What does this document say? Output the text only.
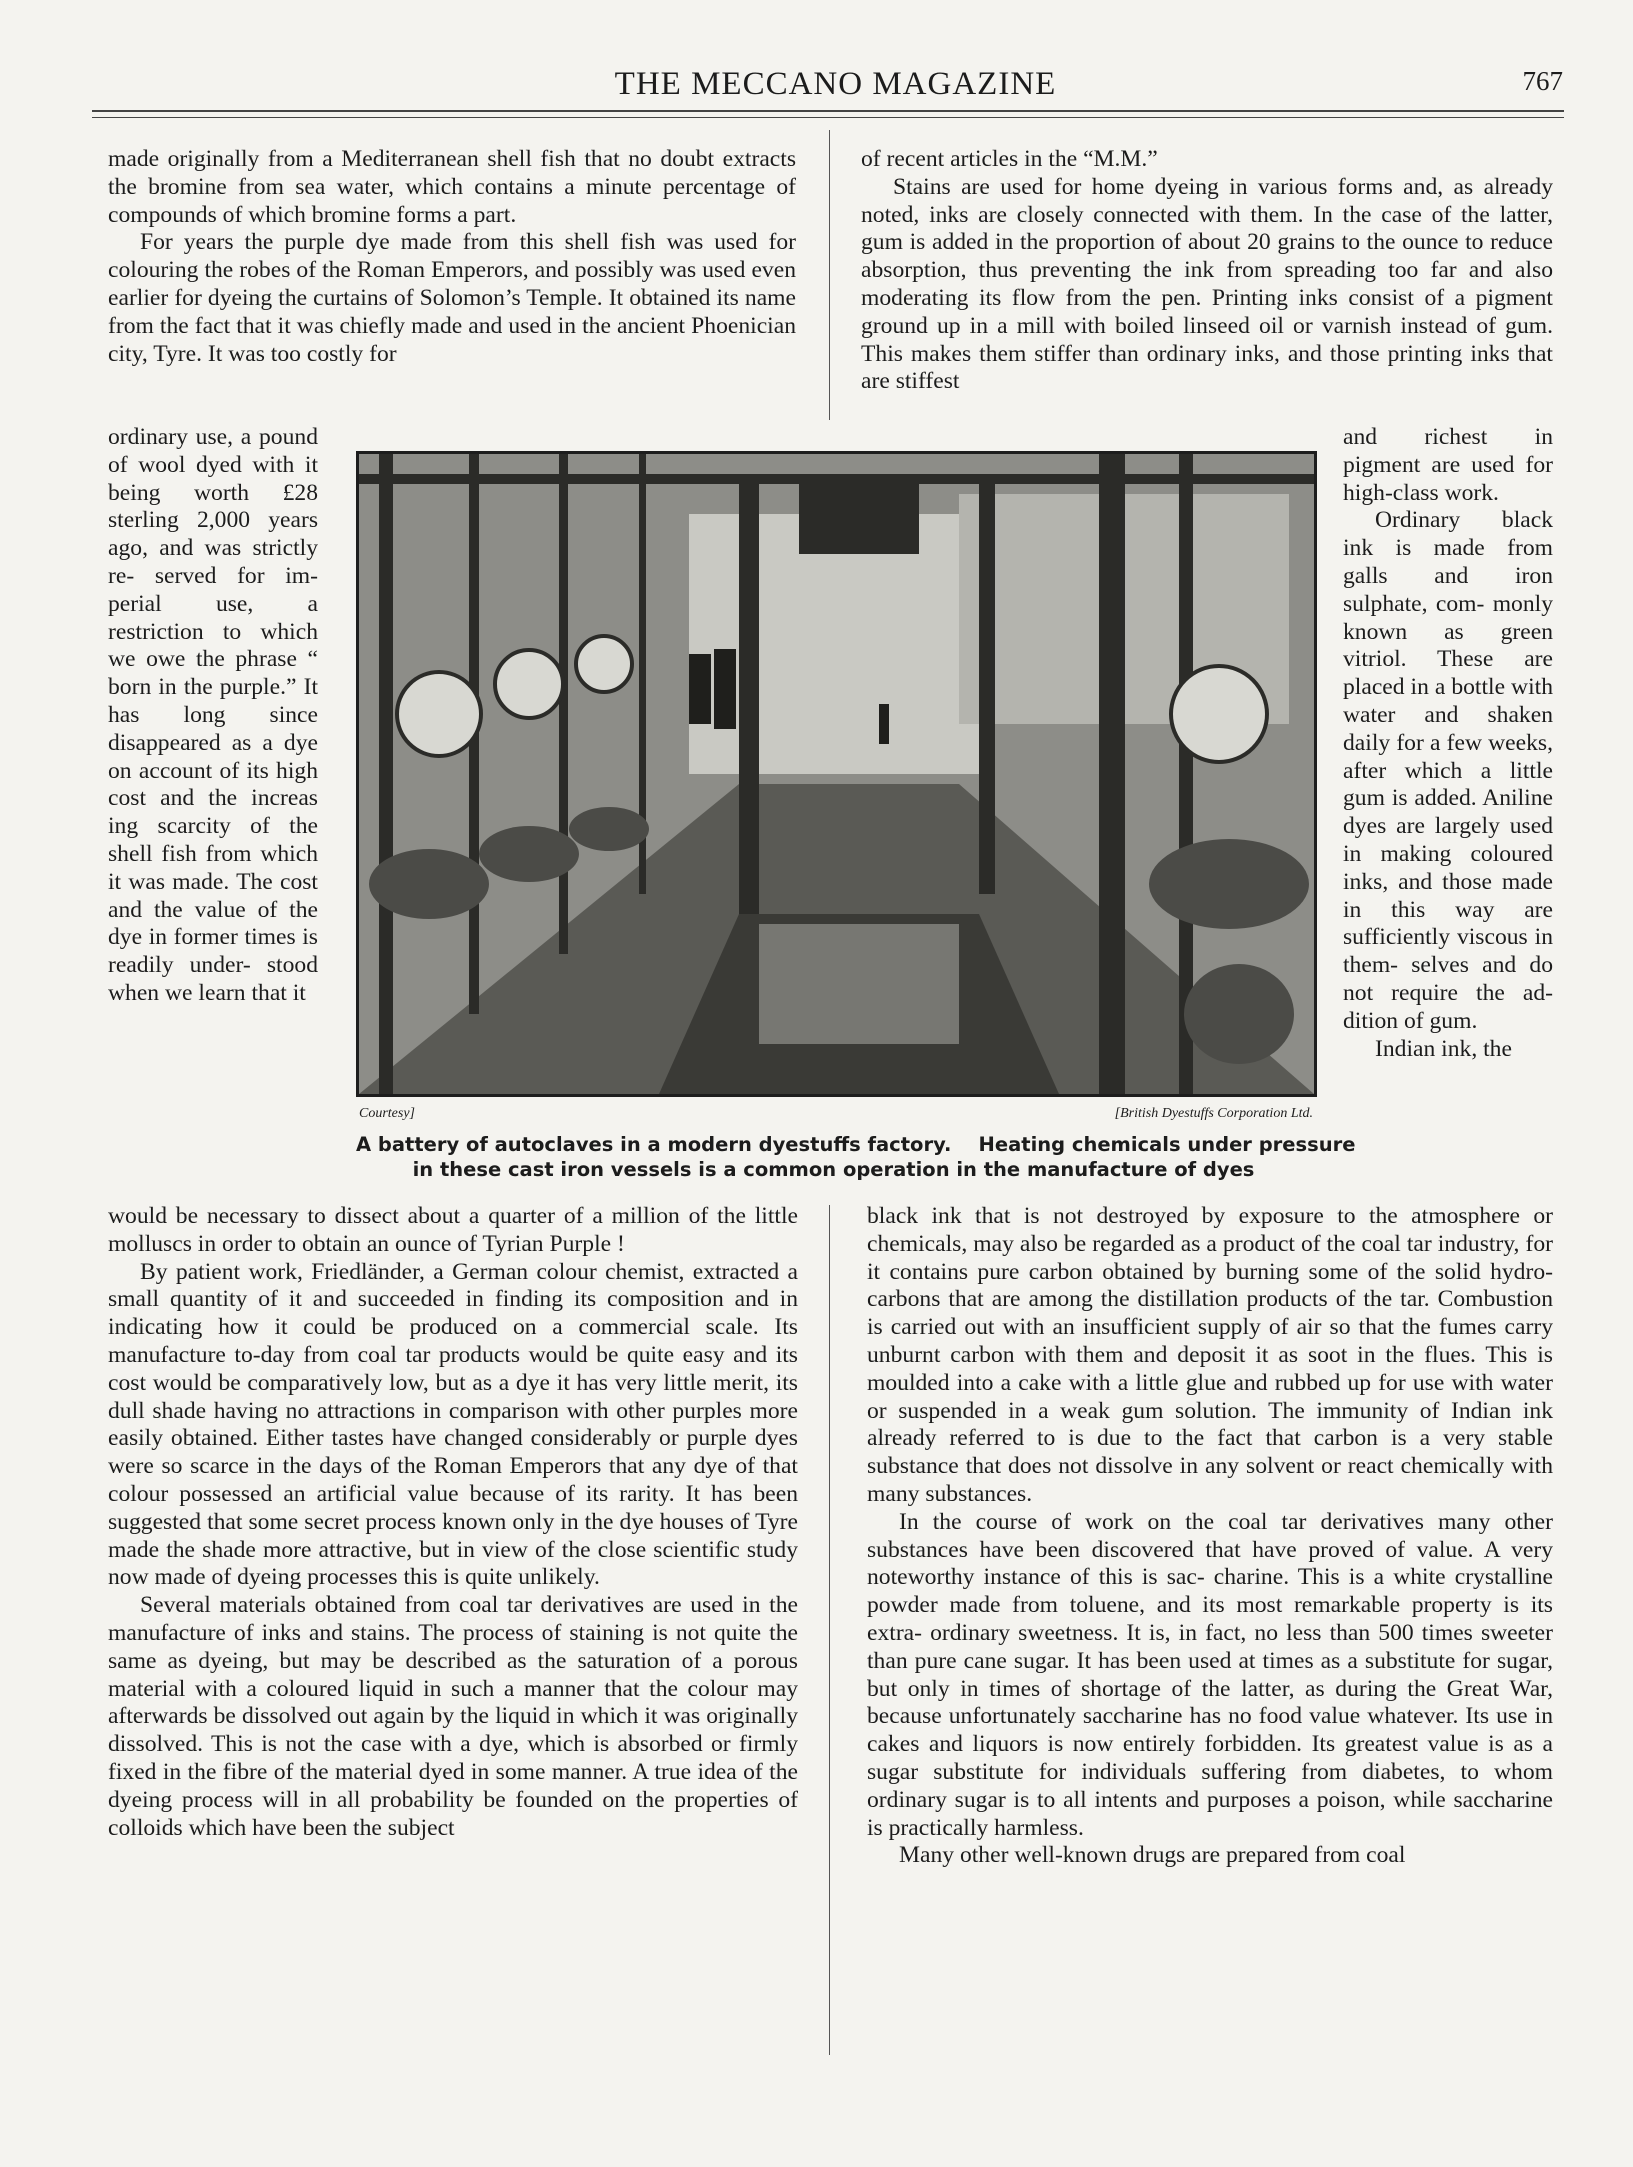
THE MECCANO MAGAZINE	767

made originally from a Mediterranean shell fish that no doubt extracts the bromine from sea water, which contains a minute percentage of compounds of which bromine forms a part.

For years the purple dye made from this shell fish was used for colouring the robes of the Roman Emperors, and possibly was used even earlier for dyeing the curtains of Solomon’s Temple. It obtained its name from the fact that it was chiefly made and used in the ancient Phoenician city, Tyre. It was too costly for

ordinary use, a pound of wool dyed with it being worth £28 sterling 2,000 years ago, and was strictly re- served for im- perial use, a restriction to which we owe the phrase “ born in the purple.” It has long since disappeared as a dye on account of its high cost and the increas ing scarcity of the shell fish from which it was made. The cost and the value of the dye in former times is readily under- stood when we learn that it

would be necessary to dissect about a quarter of a million of the little molluscs in order to obtain an ounce of Tyrian Purple !

By patient work, Friedländer, a German colour chemist, extracted a small quantity of it and succeeded in finding its composition and in indicating how it could be produced on a commercial scale. Its manufacture to-day from coal tar products would be quite easy and its cost would be comparatively low, but as a dye it has very little merit, its dull shade having no attractions in comparison with other purples more easily obtained. Either tastes have changed considerably or purple dyes were so scarce in the days of the Roman Emperors that any dye of that colour possessed an artificial value because of its rarity. It has been suggested that some secret process known only in the dye houses of Tyre made the shade more attractive, but in view of the close scientific study now made of dyeing processes this is quite unlikely.

Several materials obtained from coal tar derivatives are used in the manufacture of inks and stains. The process of staining is not quite the same as dyeing, but may be described as the saturation of a porous material with a coloured liquid in such a manner that the colour may afterwards be dissolved out again by the liquid in which it was originally dissolved. This is not the case with a dye, which is absorbed or firmly fixed in the fibre of the material dyed in some manner. A true idea of the dyeing process will in all probability be founded on the properties of colloids which have been the subject

of recent articles in the “M.M.”

Stains are used for home dyeing in various forms and, as already noted, inks are closely connected with them. In the case of the latter, gum is added in the proportion of about 20 grains to the ounce to reduce absorption, thus preventing the ink from spreading too far and also moderating its flow from the pen. Printing inks consist of a pigment ground up in a mill with boiled linseed oil or varnish instead of gum. This makes them stiffer than ordinary inks, and those printing inks that are stiffest

and richest in pigment are used for high-class work.

Ordinary black ink is made from galls and iron sulphate, com- monly known as green vitriol. These are placed in a bottle with water and shaken daily for a few weeks, after which a little gum is added. Aniline dyes are largely used in making coloured inks, and those made in this way are sufficiently viscous in them- selves and do not require the ad- dition of gum.

Indian ink, the

black ink that is not destroyed by exposure to the atmosphere or chemicals, may also be regarded as a product of the coal tar industry, for it contains pure carbon obtained by burning some of the solid hydro- carbons that are among the distillation products of the tar. Combustion is carried out with an insufficient supply of air so that the fumes carry unburnt carbon with them and deposit it as soot in the flues. This is moulded into a cake with a little glue and rubbed up for use with water or suspended in a weak gum solution. The immunity of Indian ink already referred to is due to the fact that carbon is a very stable substance that does not dissolve in any solvent or react chemically with many substances.

In the course of work on the coal tar derivatives many other substances have been discovered that have proved of value. A very noteworthy instance of this is sac- charine. This is a white crystalline powder made from toluene, and its most remarkable property is its extra- ordinary sweetness. It is, in fact, no less than 500 times sweeter than pure cane sugar. It has been used at times as a substitute for sugar, but only in times of shortage of the latter, as during the Great War, because unfortunately saccharine has no food value whatever. Its use in cakes and liquors is now entirely forbidden. Its greatest value is as a sugar substitute for individuals suffering from diabetes, to whom ordinary sugar is to all intents and purposes a poison, while saccharine is practically harmless.

Many other well-known drugs are prepared from coal

Courtesy]	[British Dyestuffs Corporation Ltd.
A battery of autoclaves in a modern dyestuffs factory.    Heating chemicals under pressure
in these cast iron vessels is a common operation in the manufacture of dyes
